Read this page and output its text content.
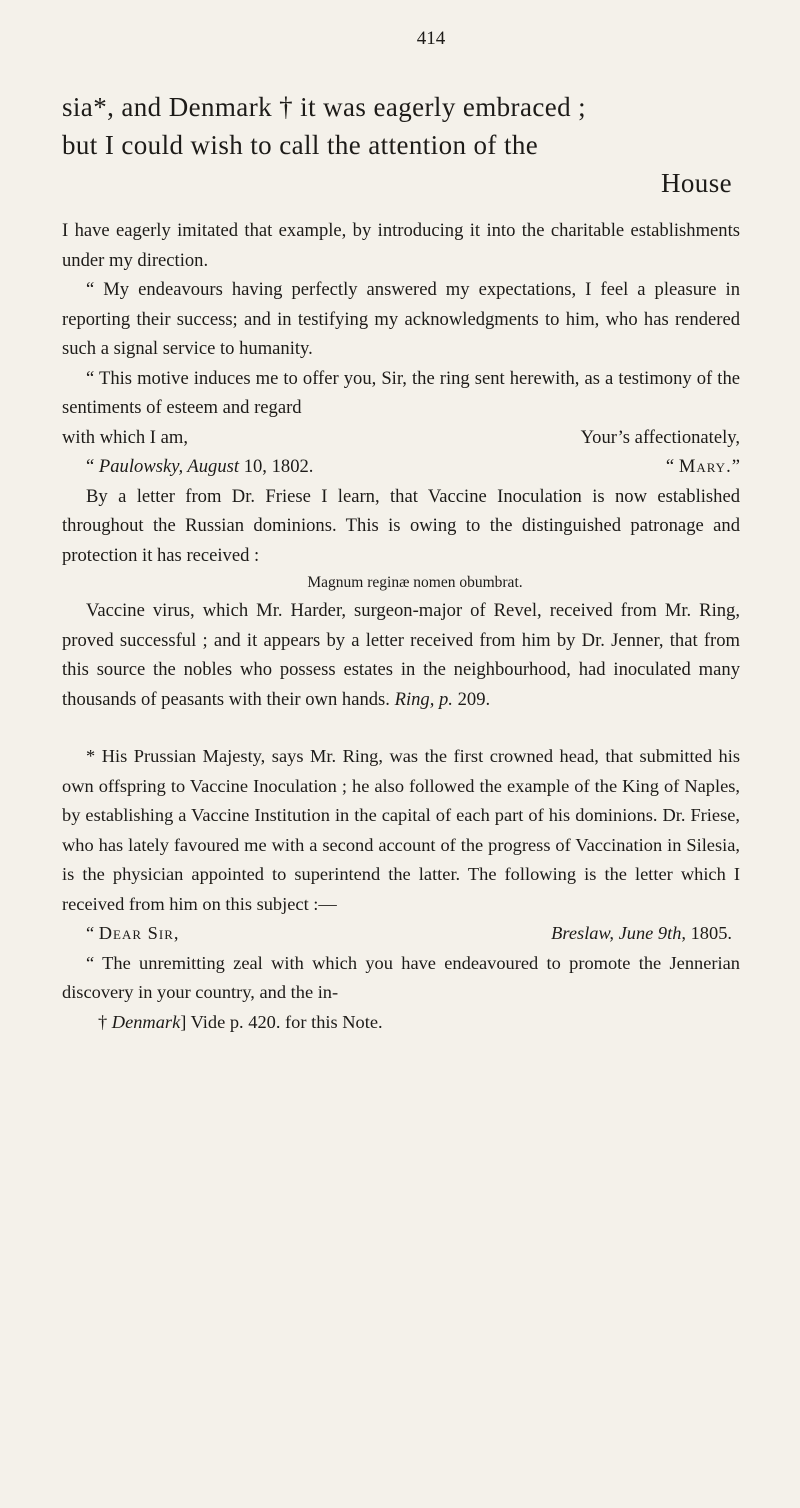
414
sia*, and Denmark † it was eagerly embraced ;
but I could wish to call the attention of the
House

I have eagerly imitated that example, by introducing it into the charitable establishments under my direction.

“ My endeavours having perfectly answered my expectations, I feel a pleasure in reporting their success; and in testifying my acknowledgments to him, who has rendered such a signal service to humanity.

“ This motive induces me to offer you, Sir, the ring sent herewith, as a testimony of the sentiments of esteem and regard

with which I am,	Your’s affectionately,
“ Paulowsky, August 10, 1802.	“ Mary.”

By a letter from Dr. Friese I learn, that Vaccine Inoculation is now established throughout the Russian dominions. This is owing to the distinguished patronage and protection it has received :

Magnum reginæ nomen obumbrat.

Vaccine virus, which Mr. Harder, surgeon-major of Revel, received from Mr. Ring, proved successful ; and it appears by a letter received from him by Dr. Jenner, that from this source the nobles who possess estates in the neighbourhood, had inoculated many thousands of peasants with their own hands. Ring, p. 209.

* His Prussian Majesty, says Mr. Ring, was the first crowned head, that submitted his own offspring to Vaccine Inoculation ; he also followed the example of the King of Naples, by establishing a Vaccine Institution in the capital of each part of his dominions. Dr. Friese, who has lately favoured me with a second account of the progress of Vaccination in Silesia, is the physician appointed to superintend the latter. The following is the letter which I received from him on this subject :—

“ Dear Sir,	Breslaw, June 9th, 1805.

“ The unremitting zeal with which you have endeavoured to promote the Jennerian discovery in your country, and the in-

† Denmark] Vide p. 420. for this Note.
